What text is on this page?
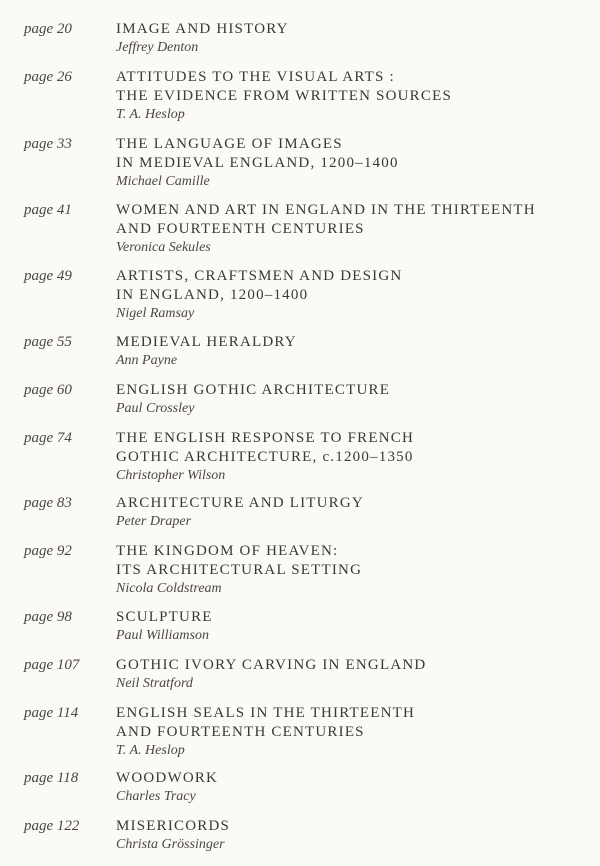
page 20	IMAGE AND HISTORY
Jeffrey Denton
page 26	ATTITUDES TO THE VISUAL ARTS :
THE EVIDENCE FROM WRITTEN SOURCES
T. A. Heslop
page 33	THE LANGUAGE OF IMAGES
IN MEDIEVAL ENGLAND, 1200–1400
Michael Camille
page 41	WOMEN AND ART IN ENGLAND IN THE THIRTEENTH
AND FOURTEENTH CENTURIES
Veronica Sekules
page 49	ARTISTS, CRAFTSMEN AND DESIGN
IN ENGLAND, 1200–1400
Nigel Ramsay
page 55	MEDIEVAL HERALDRY
Ann Payne
page 60	ENGLISH GOTHIC ARCHITECTURE
Paul Crossley
page 74	THE ENGLISH RESPONSE TO FRENCH
GOTHIC ARCHITECTURE, c.1200–1350
Christopher Wilson
page 83	ARCHITECTURE AND LITURGY
Peter Draper
page 92	THE KINGDOM OF HEAVEN:
ITS ARCHITECTURAL SETTING
Nicola Coldstream
page 98	SCULPTURE
Paul Williamson
page 107 GOTHIC IVORY CARVING IN ENGLAND
Neil Stratford
page 114	ENGLISH SEALS IN THE THIRTEENTH
AND FOURTEENTH CENTURIES
T. A. Heslop
page 118	WOODWORK
Charles Tracy
page 122 MISERICORDS
Christa Grössinger
